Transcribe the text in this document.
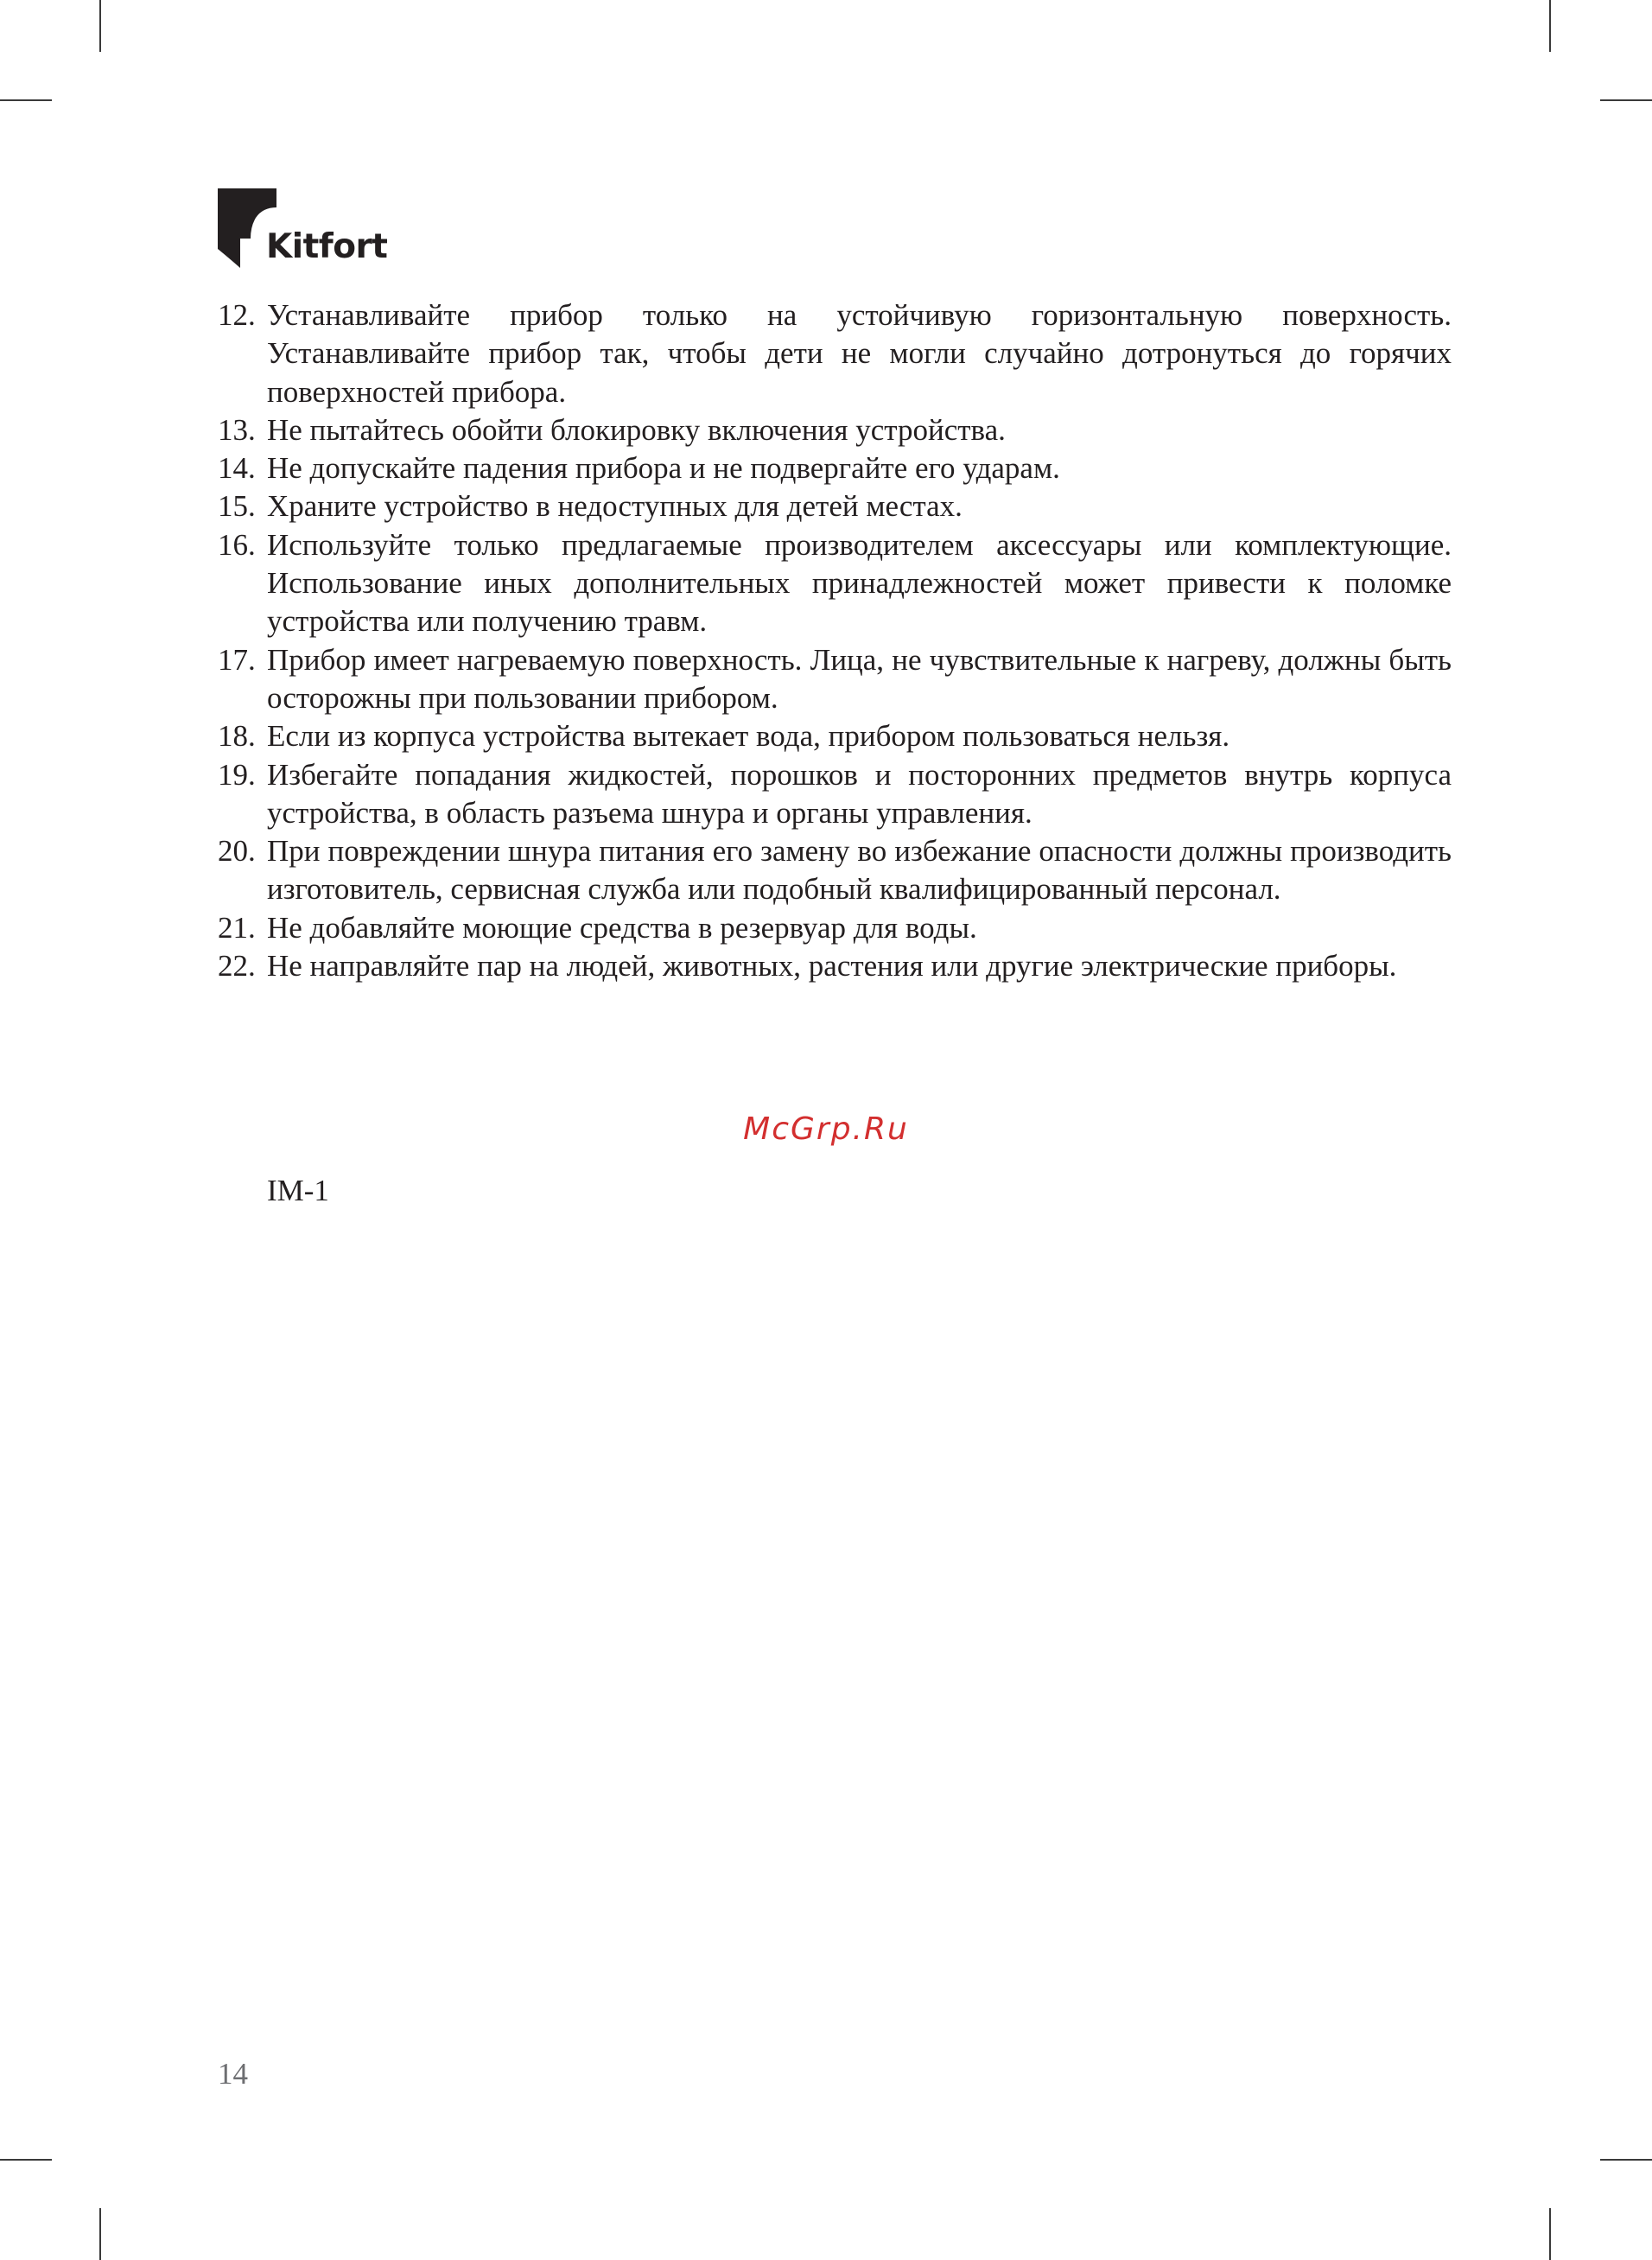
Kitfort
12. Устанавливайте прибор только на устойчивую горизонтальную поверхность. Устанавливайте прибор так, чтобы дети не могли случайно дотронуться до горячих поверхностей прибора.
13. Не пытайтесь обойти блокировку включения устройства.
14. Не допускайте падения прибора и не подвергайте его ударам.
15. Храните устройство в недоступных для детей местах.
16. Используйте только предлагаемые производителем аксессуары или комплектующие. Использование иных дополнительных принадлежностей может привести к поломке устройства или получению травм.
17. Прибор имеет нагреваемую поверхность. Лица, не чувствительные к нагреву, должны быть осторожны при пользовании прибором.
18. Если из корпуса устройства вытекает вода, прибором пользоваться нельзя.
19. Избегайте попадания жидкостей, порошков и посторонних предметов внутрь корпуса устройства, в область разъема шнура и органы управления.
20. При повреждении шнура питания его замену во избежание опасности должны производить изготовитель, сервисная служба или подобный квалифицированный персонал.
21. Не добавляйте моющие средства в резервуар для воды.
22. Не направляйте пар на людей, животных, растения или другие электрические приборы.
McGrp.Ru
IM-1
14
